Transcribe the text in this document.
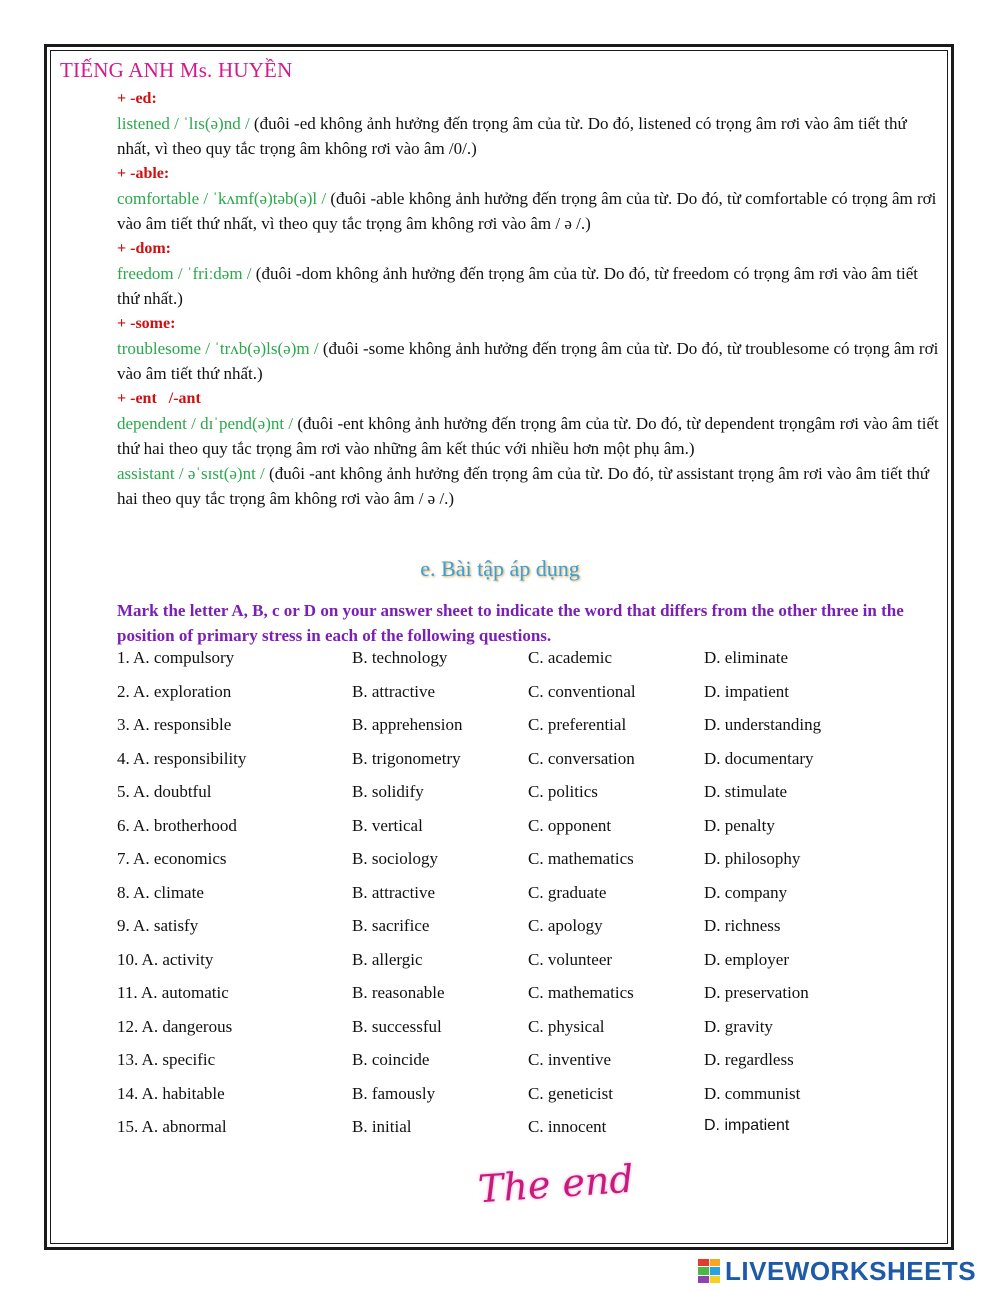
TIẾNG ANH Ms. HUYỀN
+ -ed:
listened / ˈlɪs(ə)nd / (đuôi -ed không ảnh hưởng đến trọng âm của từ. Do đó, listened có trọng âm rơi vào âm tiết thứ nhất, vì theo quy tắc trọng âm không rơi vào âm /0/.)
+ -able:
comfortable / ˈkʌmf(ə)təb(ə)l / (đuôi -able không ảnh hưởng đến trọng âm của từ. Do đó, từ comfortable có trọng âm rơi vào âm tiết thứ nhất, vì theo quy tắc trọng âm không rơi vào âm / ə /.)
+ -dom:
freedom / ˈfriːdəm / (đuôi -dom không ảnh hưởng đến trọng âm của từ. Do đó, từ freedom có trọng âm rơi vào âm tiết thứ nhất.)
+ -some:
troublesome / ˈtrʌb(ə)ls(ə)m / (đuôi -some không ảnh hưởng đến trọng âm của từ. Do đó, từ troublesome có trọng âm rơi vào âm tiết thứ nhất.)
+ -ent   /-ant
dependent / dɪˈpend(ə)nt / (đuôi -ent không ảnh hưởng đến trọng âm của từ. Do đó, từ dependent trọngâm rơi vào âm tiết thứ hai theo quy tắc trọng âm rơi vào những âm kết thúc với nhiều hơn một phụ âm.)
assistant / əˈsɪst(ə)nt / (đuôi -ant không ảnh hưởng đến trọng âm của từ. Do đó, từ assistant trọng âm rơi vào âm tiết thứ hai theo quy tắc trọng âm không rơi vào âm / ə /.)
e. Bài tập áp dụng
Mark the letter A, B, c or D on your answer sheet to indicate the word that differs from the other three in the position of primary stress in each of the following questions.
1. A. compulsory	B. technology	C. academic	D. eliminate
2. A. exploration	B. attractive	C. conventional	D. impatient
3. A. responsible	B. apprehension	C. preferential	D. understanding
4. A. responsibility	B. trigonometry	C. conversation	D. documentary
5. A. doubtful	B. solidify	C. politics	D. stimulate
6. A. brotherhood	B. vertical	C. opponent	D. penalty
7. A. economics	B. sociology	C. mathematics	D. philosophy
8. A. climate	B. attractive	C. graduate	D. company
9. A. satisfy	B. sacrifice	C. apology	D. richness
10. A. activity	B. allergic	C. volunteer	D. employer
11. A. automatic	B. reasonable	C. mathematics	D. preservation
12. A. dangerous	B. successful	C. physical	D. gravity
13. A. specific	B. coincide	C. inventive	D. regardless
14. A. habitable	B. famously	C. geneticist	D. communist
15. A. abnormal	B. initial	C. innocent	D. impatient
The end
LIVEWORKSHEETS
